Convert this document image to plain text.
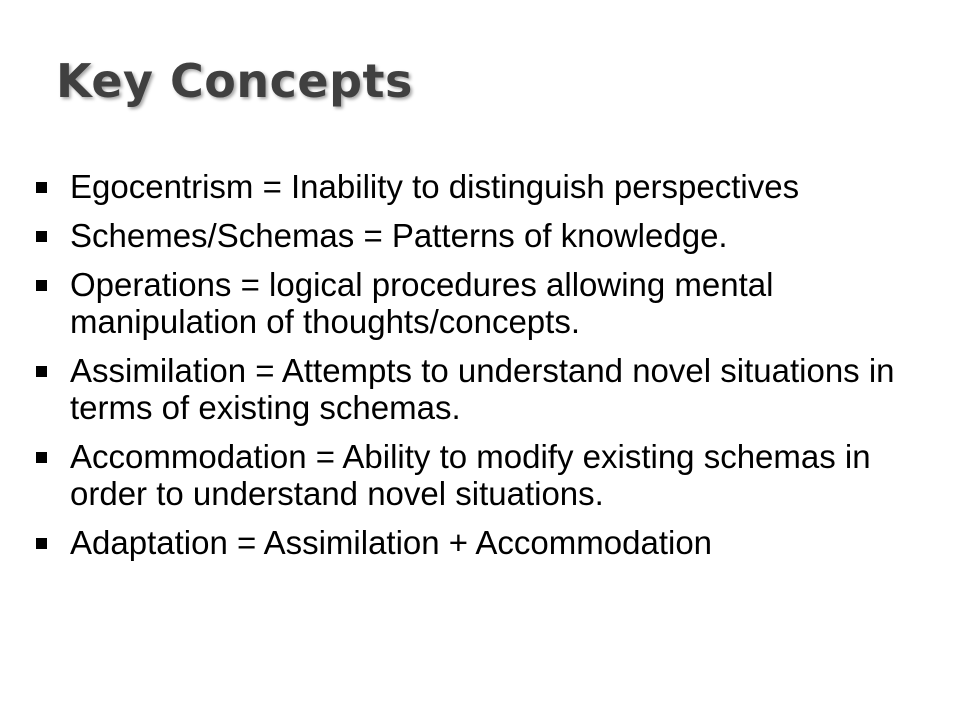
Key Concepts
Egocentrism = Inability to distinguish perspectives
Schemes/Schemas = Patterns of knowledge.
Operations = logical procedures allowing mental manipulation of thoughts/concepts.
Assimilation = Attempts to understand novel situations in terms of existing schemas.
Accommodation = Ability to modify existing schemas in order to understand novel situations.
Adaptation = Assimilation + Accommodation
